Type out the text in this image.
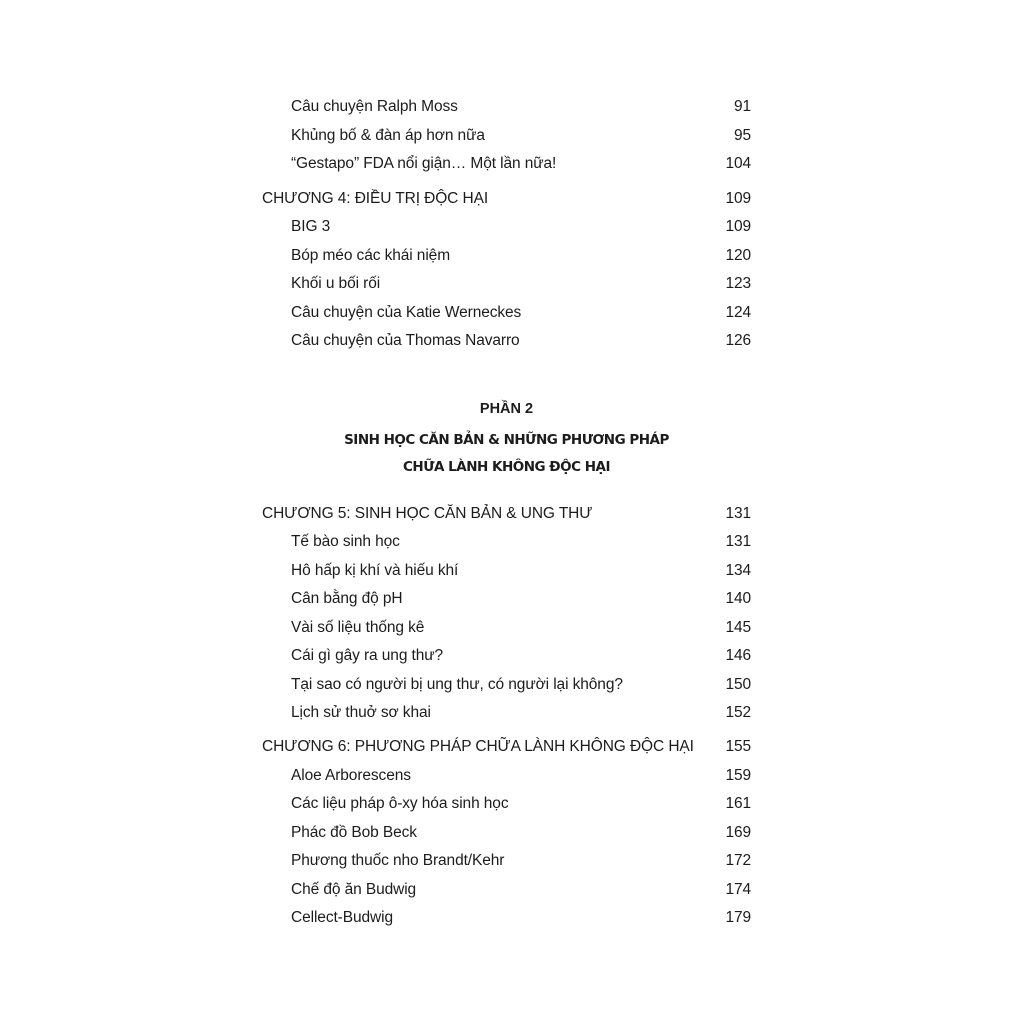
Câu chuyện Ralph Moss	91
Khủng bố & đàn áp hơn nữa	95
“Gestapo” FDA nổi giận… Một lần nữa!	104
CHƯƠNG 4: ĐIỀU TRỊ ĐỘC HẠI	109
BIG 3	109
Bóp méo các khái niệm	120
Khối u bối rối	123
Câu chuyện của Katie Werneckes	124
Câu chuyện của Thomas Navarro	126
PHẦN 2
SINH HỌC CĂN BẢN & NHỮNG PHƯƠNG PHÁP
CHỮA LÀNH KHÔNG ĐỘC HẠI
CHƯƠNG 5: SINH HỌC CĂN BẢN & UNG THƯ	131
Tế bào sinh học	131
Hô hấp kị khí và hiếu khí	134
Cân bằng độ pH	140
Vài số liệu thống kê	145
Cái gì gây ra ung thư?	146
Tại sao có người bị ung thư, có người lại không?	150
Lịch sử thuở sơ khai	152
CHƯƠNG 6: PHƯƠNG PHÁP CHỮA LÀNH KHÔNG ĐỘC HẠI 155
Aloe Arborescens	159
Các liệu pháp ô-xy hóa sinh học	161
Phác đồ Bob Beck	169
Phương thuốc nho Brandt/Kehr	172
Chế độ ăn Budwig	174
Cellect-Budwig	179
